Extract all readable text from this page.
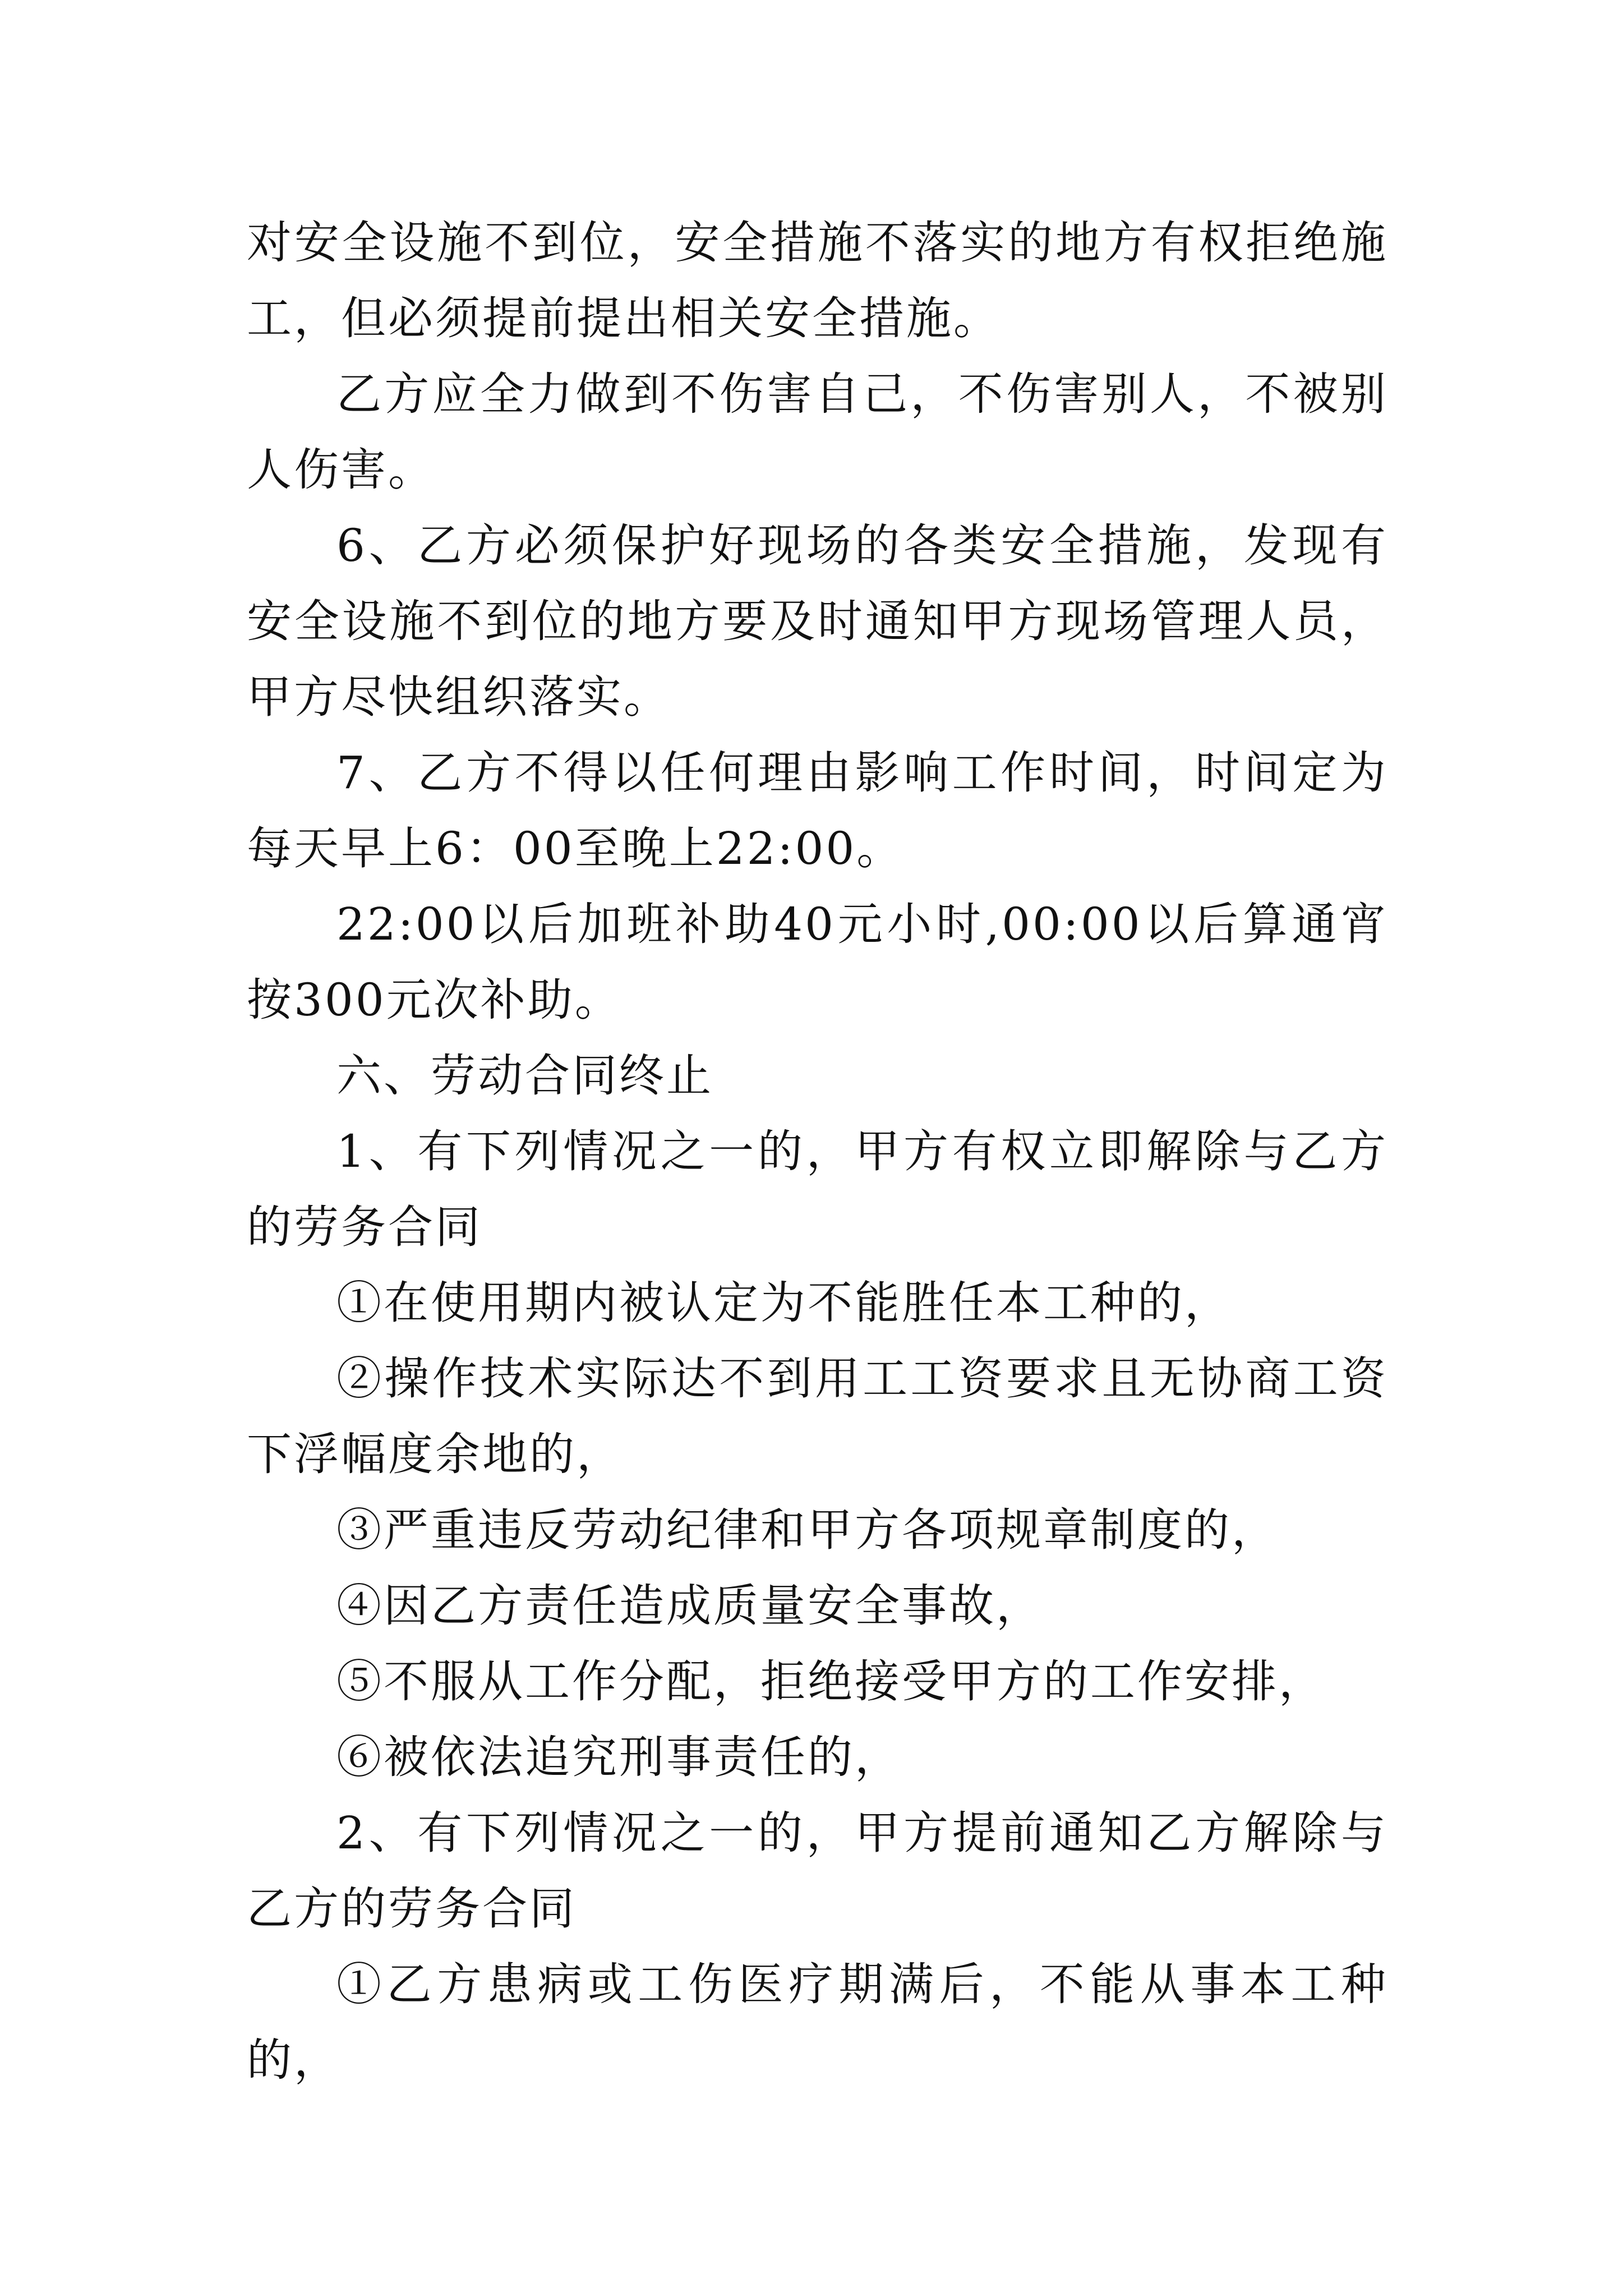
对安全设施不到位，安全措施不落实的地方有权拒绝施工，但必须提前提出相关安全措施。

乙方应全力做到不伤害自己，不伤害别人，不被别人伤害。

6、乙方必须保护好现场的各类安全措施，发现有安全设施不到位的地方要及时通知甲方现场管理人员，甲方尽快组织落实。

7、乙方不得以任何理由影响工作时间，时间定为每天早上6：00至晚上22:00。

22:00以后加班补助40元小时,00:00以后算通宵按300元次补助。

六、劳动合同终止

1、有下列情况之一的，甲方有权立即解除与乙方的劳务合同

①在使用期内被认定为不能胜任本工种的，

②操作技术实际达不到用工工资要求且无协商工资下浮幅度余地的，

③严重违反劳动纪律和甲方各项规章制度的，

④因乙方责任造成质量安全事故，

⑤不服从工作分配，拒绝接受甲方的工作安排，

⑥被依法追究刑事责任的，

2、有下列情况之一的，甲方提前通知乙方解除与乙方的劳务合同

①乙方患病或工伤医疗期满后，不能从事本工种的，
